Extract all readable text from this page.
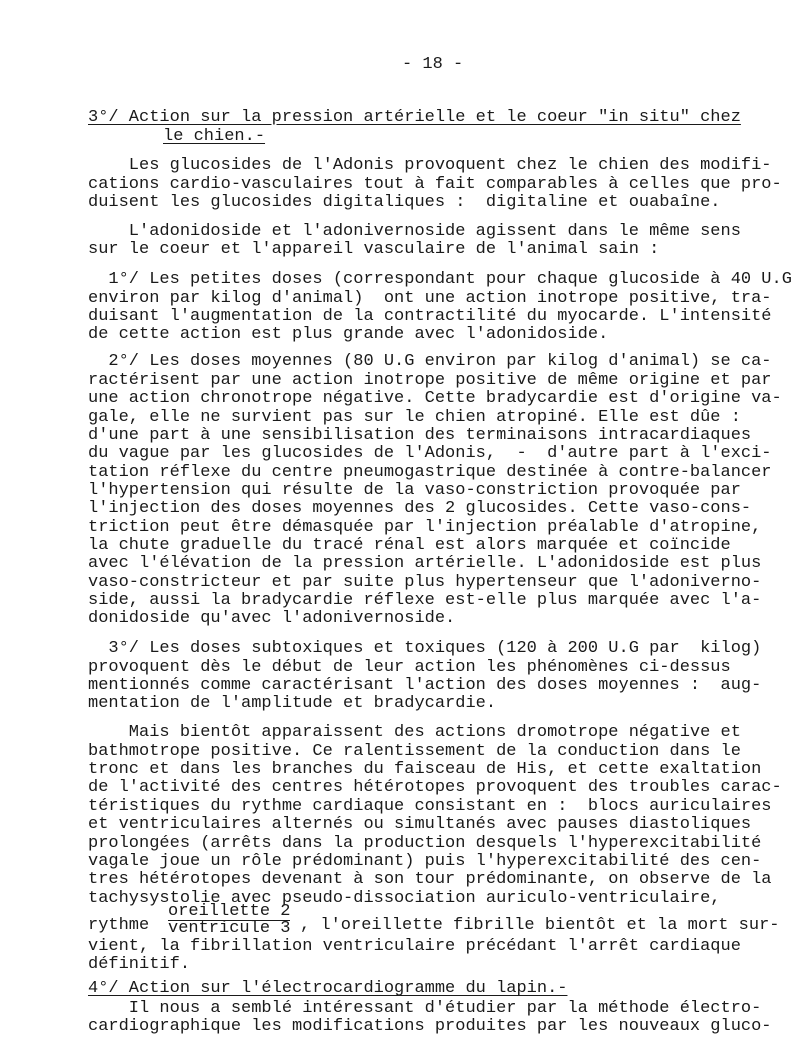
- 18 -
3°/ Action sur la pression artérielle et le coeur "in situ" chez
le chien.-
Les glucosides de l'Adonis provoquent chez le chien des modifi-
cations cardio-vasculaires tout à fait comparables à celles que pro-
duisent les glucosides digitaliques :  digitaline et ouabaîne.
L'adonidoside et l'adonivernoside agissent dans le même sens
sur le coeur et l'appareil vasculaire de l'animal sain :
1°/ Les petites doses (correspondant pour chaque glucoside à 40 U.G
environ par kilog d'animal)  ont une action inotrope positive, tra-
duisant l'augmentation de la contractilité du myocarde. L'intensité
de cette action est plus grande avec l'adonidoside.
2°/ Les doses moyennes (80 U.G environ par kilog d'animal) se ca-
ractérisent par une action inotrope positive de même origine et par
une action chronotrope négative. Cette bradycardie est d'origine va-
gale, elle ne survient pas sur le chien atropiné. Elle est dûe :
d'une part à une sensibilisation des terminaisons intracardiaques
du vague par les glucosides de l'Adonis,  -  d'autre part à l'exci-
tation réflexe du centre pneumogastrique destinée à contre-balancer
l'hypertension qui résulte de la vaso-constriction provoquée par
l'injection des doses moyennes des 2 glucosides. Cette vaso-cons-
triction peut être démasquée par l'injection préalable d'atropine,
la chute graduelle du tracé rénal est alors marquée et coïncide
avec l'élévation de la pression artérielle. L'adonidoside est plus
vaso-constricteur et par suite plus hypertenseur que l'adoniverno-
side, aussi la bradycardie réflexe est-elle plus marquée avec l'a-
donidoside qu'avec l'adonivernoside.
3°/ Les doses subtoxiques et toxiques (120 à 200 U.G par  kilog)
provoquent dès le début de leur action les phénomènes ci-dessus
mentionnés comme caractérisant l'action des doses moyennes :  aug-
mentation de l'amplitude et bradycardie.
Mais bientôt apparaissent des actions dromotrope négative et
bathmotrope positive. Ce ralentissement de la conduction dans le
tronc et dans les branches du faisceau de His, et cette exaltation
de l'activité des centres hétérotopes provoquent des troubles carac-
téristiques du rythme cardiaque consistant en :  blocs auriculaires
et ventriculaires alternés ou simultanés avec pauses diastoliques
prolongées (arrêts dans la production desquels l'hyperexcitabilité
vagale joue un rôle prédominant) puis l'hyperexcitabilité des cen-
tres hétérotopes devenant à son tour prédominante, on observe de la
tachysystolie avec pseudo-dissociation auriculo-ventriculaire,
rythme
oreillette 2
ventricule 3 , l'oreillette fibrille bientôt et la mort sur-
vient, la fibrillation ventriculaire précédant l'arrêt cardiaque
définitif.
4°/ Action sur l'électrocardiogramme du lapin.-
Il nous a semblé intéressant d'étudier par la méthode électro-
cardiographique les modifications produites par les nouveaux gluco-
